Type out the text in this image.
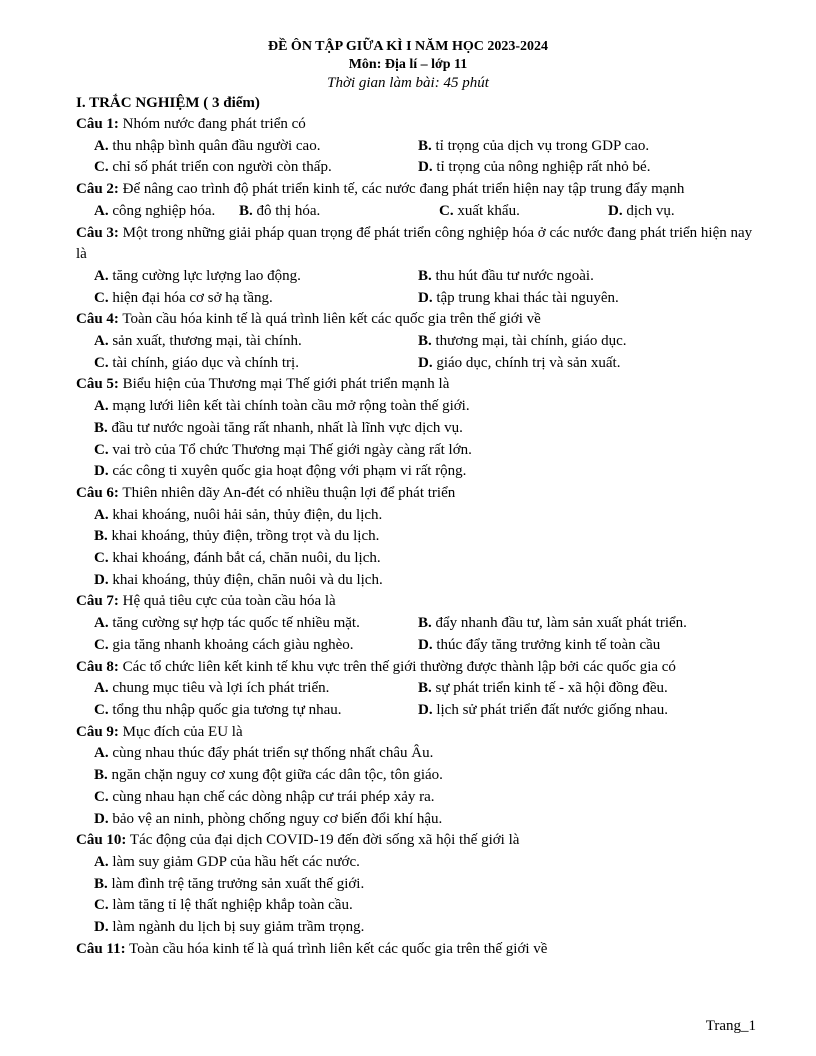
ĐỀ ÔN TẬP GIỮA KÌ I NĂM HỌC 2023-2024
Môn: Địa lí – lớp 11
Thời gian làm bài: 45 phút
I. TRẮC NGHIỆM ( 3 điểm)
Câu 1: Nhóm nước đang phát triển có
A. thu nhập bình quân đầu người cao.	B. tỉ trọng của dịch vụ trong GDP cao.
C. chỉ số phát triển con người còn thấp.	D. tỉ trọng của nông nghiệp rất nhỏ bé.
Câu 2: Để nâng cao trình độ phát triển kinh tế, các nước đang phát triển hiện nay tập trung đẩy mạnh
A. công nghiệp hóa.	B. đô thị hóa.	C. xuất khẩu.	D. dịch vụ.
Câu 3: Một trong những giải pháp quan trọng để phát triển công nghiệp hóa ở các nước đang phát triển hiện nay là
A. tăng cường lực lượng lao động.	B. thu hút đầu tư nước ngoài.
C. hiện đại hóa cơ sở hạ tầng.	D. tập trung khai thác tài nguyên.
Câu 4: Toàn cầu hóa kinh tế là quá trình liên kết các quốc gia trên thế giới về
A. sản xuất, thương mại, tài chính.	B. thương mại, tài chính, giáo dục.
C. tài chính, giáo dục và chính trị.	D. giáo dục, chính trị và sản xuất.
Câu 5: Biểu hiện của Thương mại Thế giới phát triển mạnh là
A. mạng lưới liên kết tài chính toàn cầu mở rộng toàn thế giới.
B. đầu tư nước ngoài tăng rất nhanh, nhất là lĩnh vực dịch vụ.
C. vai trò của Tổ chức Thương mại Thế giới ngày càng rất lớn.
D. các công ti xuyên quốc gia hoạt động với phạm vi rất rộng.
Câu 6: Thiên nhiên dãy An-đét có nhiều thuận lợi để phát triển
A. khai khoáng, nuôi hải sản, thủy điện, du lịch.
B. khai khoáng, thủy điện, trồng trọt và du lịch.
C. khai khoáng, đánh bắt cá, chăn nuôi, du lịch.
D. khai khoáng, thủy điện, chăn nuôi và du lịch.
Câu 7: Hệ quả tiêu cực của toàn cầu hóa là
A. tăng cường sự hợp tác quốc tế nhiều mặt.	B. đẩy nhanh đầu tư, làm sản xuất phát triển.
C. gia tăng nhanh khoảng cách giàu nghèo.	D. thúc đẩy tăng trưởng kinh tế toàn cầu
Câu 8: Các tổ chức liên kết kinh tế khu vực trên thế giới thường được thành lập bởi các quốc gia có
A. chung mục tiêu và lợi ích phát triển.	B. sự phát triển kinh tế - xã hội đồng đều.
C. tổng thu nhập quốc gia tương tự nhau.	D. lịch sử phát triển đất nước giống nhau.
Câu 9: Mục đích của EU là
A. cùng nhau thúc đẩy phát triển sự thống nhất châu Âu.
B. ngăn chặn nguy cơ xung đột giữa các dân tộc, tôn giáo.
C. cùng nhau hạn chế các dòng nhập cư trái phép xảy ra.
D. bảo vệ an ninh, phòng chống nguy cơ biến đổi khí hậu.
Câu 10: Tác động của đại dịch COVID-19 đến đời sống xã hội thế giới là
A. làm suy giảm GDP của hầu hết các nước.
B. làm đình trệ tăng trưởng sản xuất thế giới.
C. làm tăng tỉ lệ thất nghiệp khắp toàn cầu.
D. làm ngành du lịch bị suy giảm trầm trọng.
Câu 11: Toàn cầu hóa kinh tế là quá trình liên kết các quốc gia trên thế giới về
Trang_1
